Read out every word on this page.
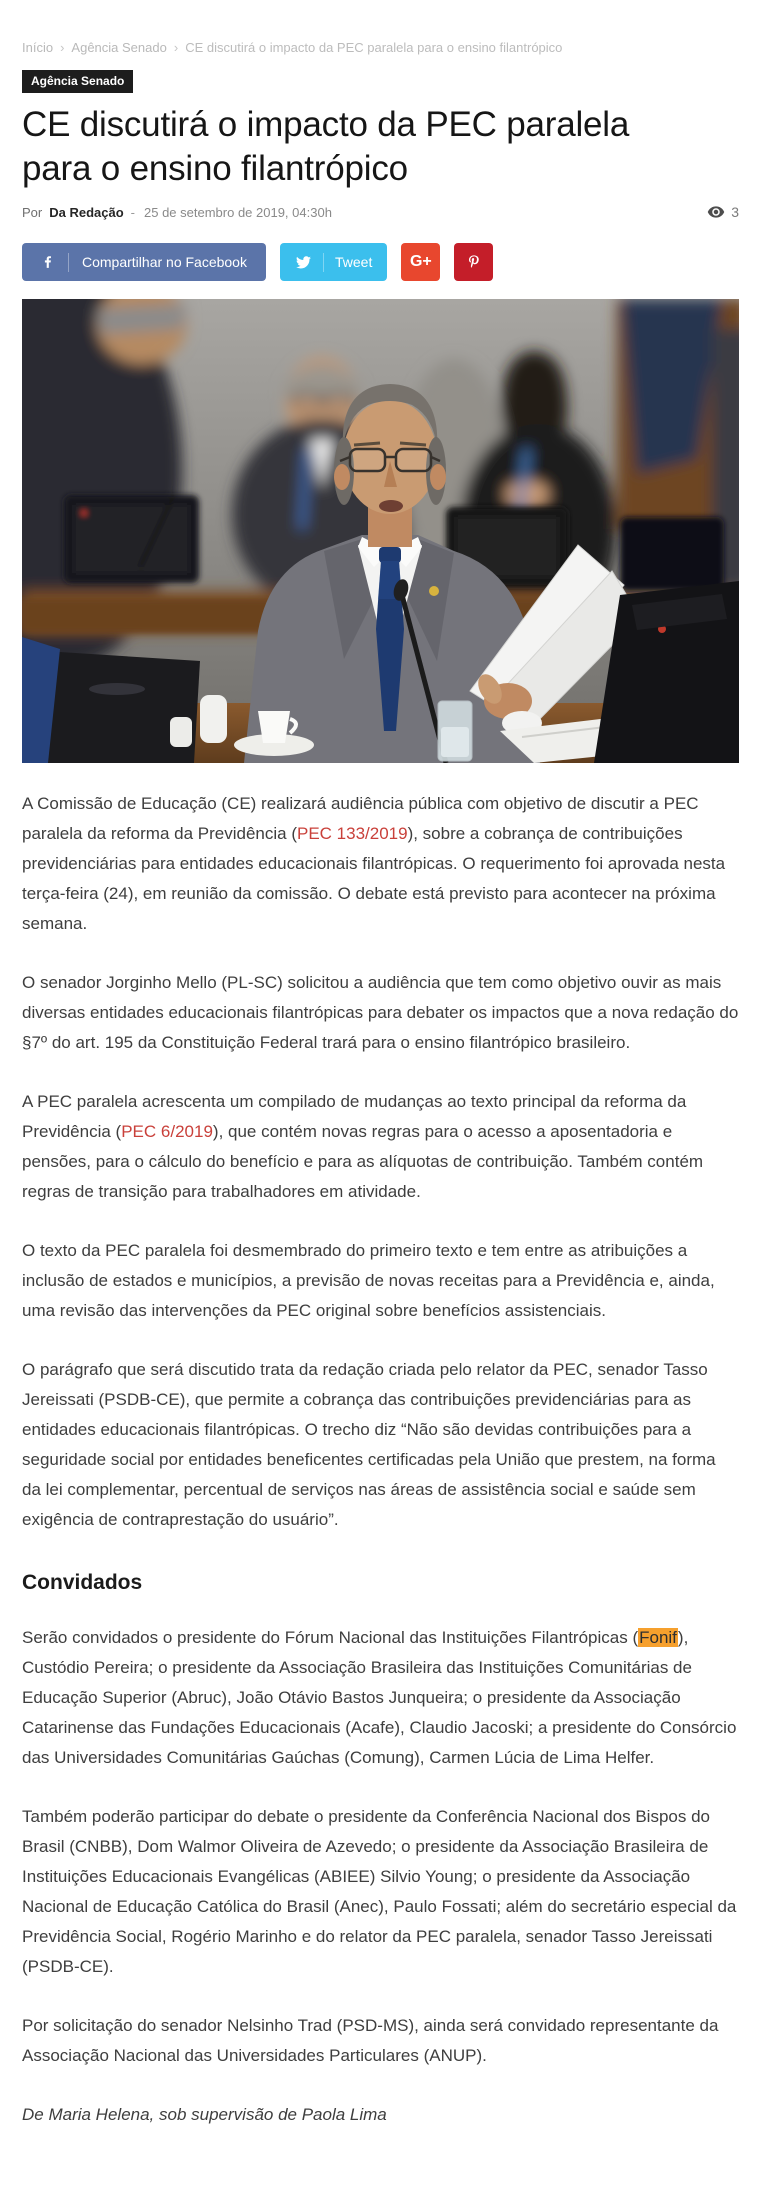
Início › Agência Senado › CE discutirá o impacto da PEC paralela para o ensino filantrópico
Agência Senado
CE discutirá o impacto da PEC paralela para o ensino filantrópico
Por Da Redação - 25 de setembro de 2019, 04:30h	3
Compartilhar no Facebook	Tweet G+

A Comissão de Educação (CE) realizará audiência pública com objetivo de discutir a PEC paralela da reforma da Previdência (PEC 133/2019), sobre a cobrança de contribuições previdenciárias para entidades educacionais filantrópicas. O requerimento foi aprovada nesta terça-feira (24), em reunião da comissão. O debate está previsto para acontecer na próxima semana.

O senador Jorginho Mello (PL-SC) solicitou a audiência que tem como objetivo ouvir as mais diversas entidades educacionais filantrópicas para debater os impactos que a nova redação do §7º do art. 195 da Constituição Federal trará para o ensino filantrópico brasileiro.

A PEC paralela acrescenta um compilado de mudanças ao texto principal da reforma da Previdência (PEC 6/2019), que contém novas regras para o acesso a aposentadoria e pensões, para o cálculo do benefício e para as alíquotas de contribuição. Também contém regras de transição para trabalhadores em atividade.

O texto da PEC paralela foi desmembrado do primeiro texto e tem entre as atribuições a inclusão de estados e municípios, a previsão de novas receitas para a Previdência e, ainda, uma revisão das intervenções da PEC original sobre benefícios assistenciais.

O parágrafo que será discutido trata da redação criada pelo relator da PEC, senador Tasso Jereissati (PSDB-CE), que permite a cobrança das contribuições previdenciárias para as entidades educacionais filantrópicas. O trecho diz “Não são devidas contribuições para a seguridade social por entidades beneficentes certificadas pela União que prestem, na forma da lei complementar, percentual de serviços nas áreas de assistência social e saúde sem exigência de contraprestação do usuário”.

Convidados

Serão convidados o presidente do Fórum Nacional das Instituições Filantrópicas (Fonif), Custódio Pereira; o presidente da Associação Brasileira das Instituições Comunitárias de Educação Superior (Abruc), João Otávio Bastos Junqueira; o presidente da Associação Catarinense das Fundações Educacionais (Acafe), Claudio Jacoski; a presidente do Consórcio das Universidades Comunitárias Gaúchas (Comung), Carmen Lúcia de Lima Helfer.

Também poderão participar do debate o presidente da Conferência Nacional dos Bispos do Brasil (CNBB), Dom Walmor Oliveira de Azevedo; o presidente da Associação Brasileira de Instituições Educacionais Evangélicas (ABIEE) Silvio Young; o presidente da Associação Nacional de Educação Católica do Brasil (Anec), Paulo Fossati; além do secretário especial da Previdência Social, Rogério Marinho e do relator da PEC paralela, senador Tasso Jereissati (PSDB-CE).

Por solicitação do senador Nelsinho Trad (PSD-MS), ainda será convidado representante da Associação Nacional das Universidades Particulares (ANUP).

De Maria Helena, sob supervisão de Paola Lima
